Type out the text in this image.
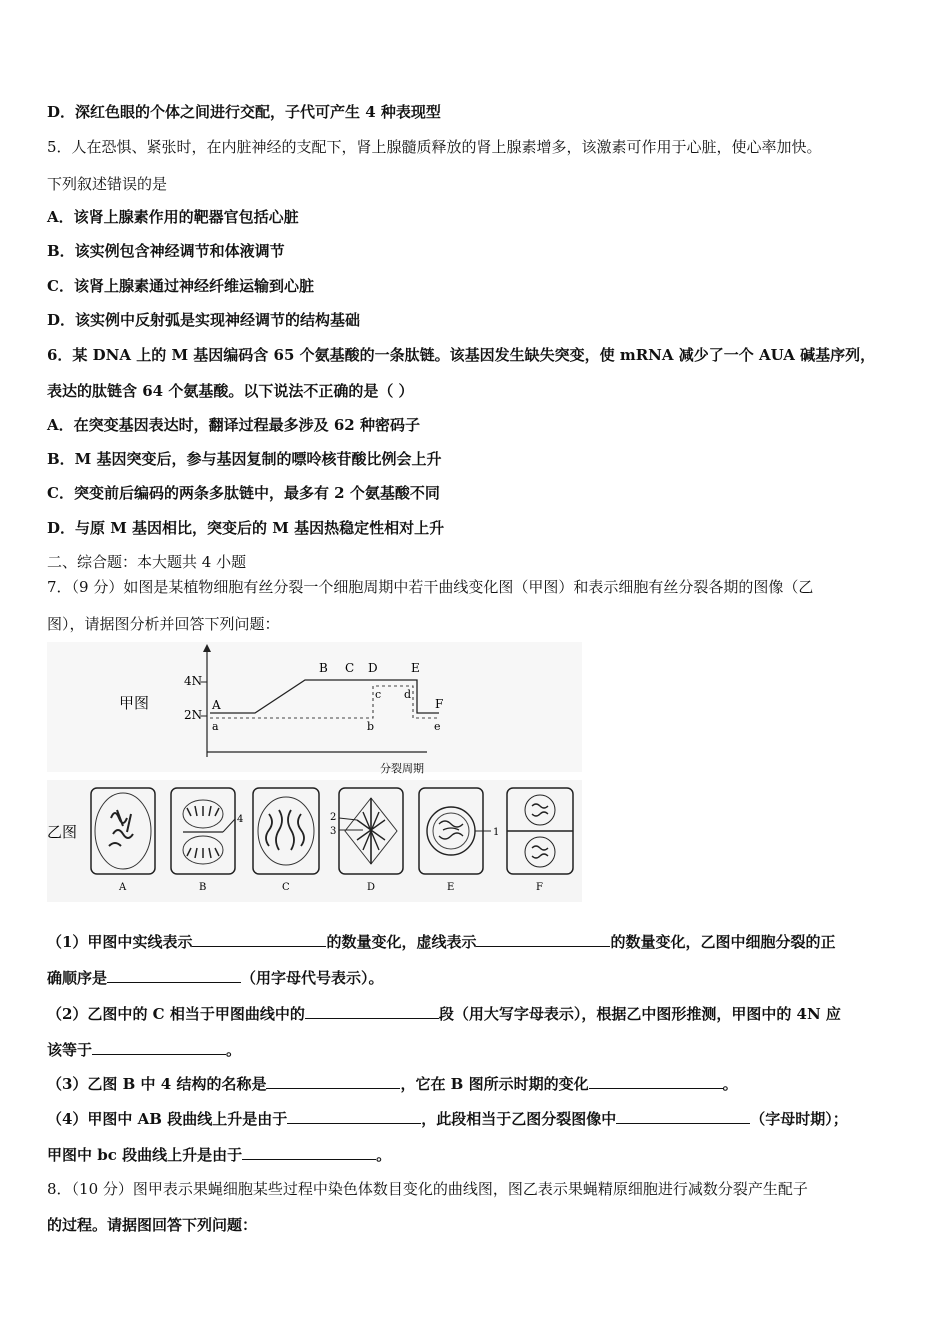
D．深红色眼的个体之间进行交配，子代可产生 4 种表现型
5．人在恐惧、紧张时，在内脏神经的支配下，肾上腺髓质释放的肾上腺素增多，该激素可作用于心脏，使心率加快。
下列叙述错误的是
A．该肾上腺素作用的靶器官包括心脏
B．该实例包含神经调节和体液调节
C．该肾上腺素通过神经纤维运输到心脏
D．该实例中反射弧是实现神经调节的结构基础
6．某 DNA 上的 M 基因编码含 65 个氨基酸的一条肽链。该基因发生缺失突变，使 mRNA 减少了一个 AUA 碱基序列，
表达的肽链含 64 个氨基酸。以下说法不正确的是（ ）
A．在突变基因表达时，翻译过程最多涉及 62 种密码子
B．M 基因突变后，参与基因复制的嘌呤核苷酸比例会上升
C．突变前后编码的两条多肽链中，最多有 2 个氨基酸不同
D．与原 M 基因相比，突变后的 M 基因热稳定性相对上升
二、综合题：本大题共 4 小题
7．（9 分）如图是某植物细胞有丝分裂一个细胞周期中若干曲线变化图（甲图）和表示细胞有丝分裂各期的图像（乙
图），请据图分析并回答下列问题：
甲图
4N
2N
分裂周期
A
B C D	E
F
a	b
c d
e
乙图
A
4
B	C
2
3
D
1
E	F
（1）甲图中实线表示	的数量变化，虚线表示	的数量变化，乙图中细胞分裂的正
确顺序是	（用字母代号表示）。
（2）乙图中的 C 相当于甲图曲线中的	段（用大写字母表示），根据乙中图形推测，甲图中的 4N 应
该等于	。
（3）乙图 B 中 4 结构的名称是	，它在 B 图所示时期的变化	。
（4）甲图中 AB 段曲线上升是由于	，此段相当于乙图分裂图像中	（字母时期）；
甲图中 bc 段曲线上升是由于	。
8．（10 分）图甲表示果蝇细胞某些过程中染色体数目变化的曲线图，图乙表示果蝇精原细胞进行减数分裂产生配子
的过程。请据图回答下列问题：
